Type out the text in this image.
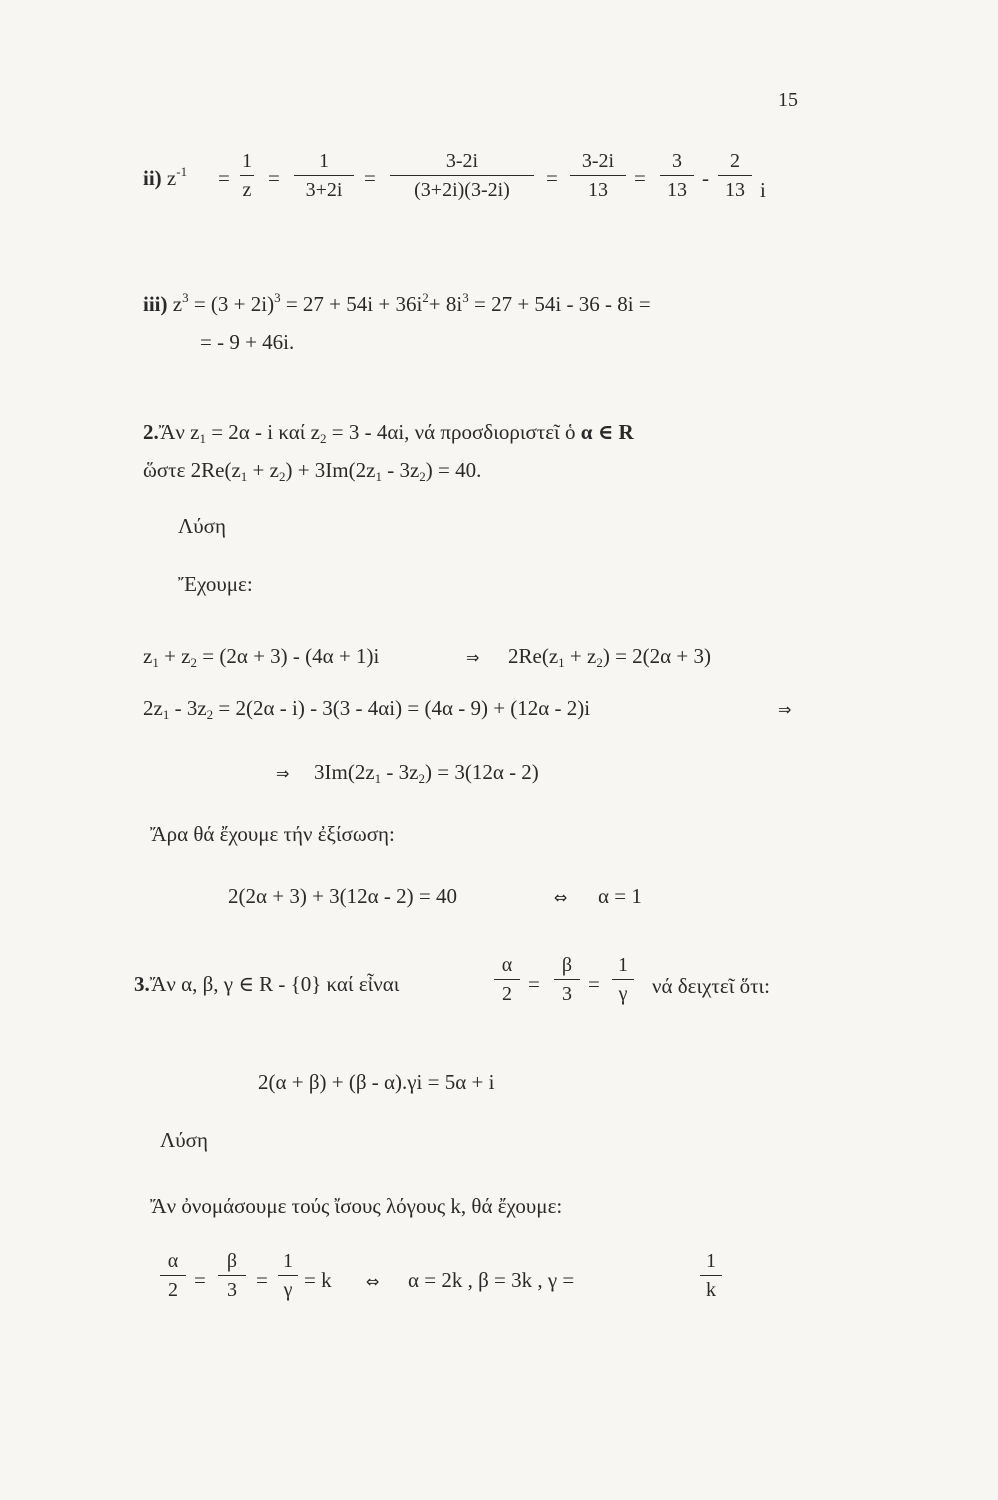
15
ii) $z^{-1}$ =
1
z =
1
3+2i =
3-2i
(3+2i)(3-2i) =
3-2i
13 =
3
13 -
2
13 i
iii) $z^3 = (3 + 2i)^3 = 27 + 54i + 36i^2+ 8i^3 = 27 + 54i - 36 - 8i$ =
= - 9 + 46i.
2.Ἄν z1 = 2α - i καί z2 = 3 - 4αi, νά προσδιοριστεῖ ὁ α ∈ R
ὥστε 2Re(z1 + z2) + 3Im(2z1 - 3z2) = 40.
Λύση
Ἔχουμε:
z1 + z2 = (2α + 3) - (4α + 1)i	⇒ 2Re(z1 + z2) = 2(2α + 3)
2z1 - 3z2 = 2(2α - i) - 3(3 - 4αi) = (4α - 9) + (12α - 2)i	⇒
⇒ 3Im(2z1 - 3z2) = 3(12α - 2)
Ἄρα θά ἔχουμε τήν ἐξίσωση:
2(2α + 3) + 3(12α - 2) = 40	⇔ α = 1
3.Ἄν α, β, γ ∈ R - {0} καί εἶναι
α
2 =
β
3 =
1
γ νά δειχτεῖ ὅτι:
2(α + β) + (β - α).γi = 5α + i
Λύση
Ἄν ὀνομάσουμε τούς ἴσους λόγους k, θά ἔχουμε:
α
2 =
β
3 =
1
γ = k ⇔ α = 2k , β = 3k , γ =
1
k
